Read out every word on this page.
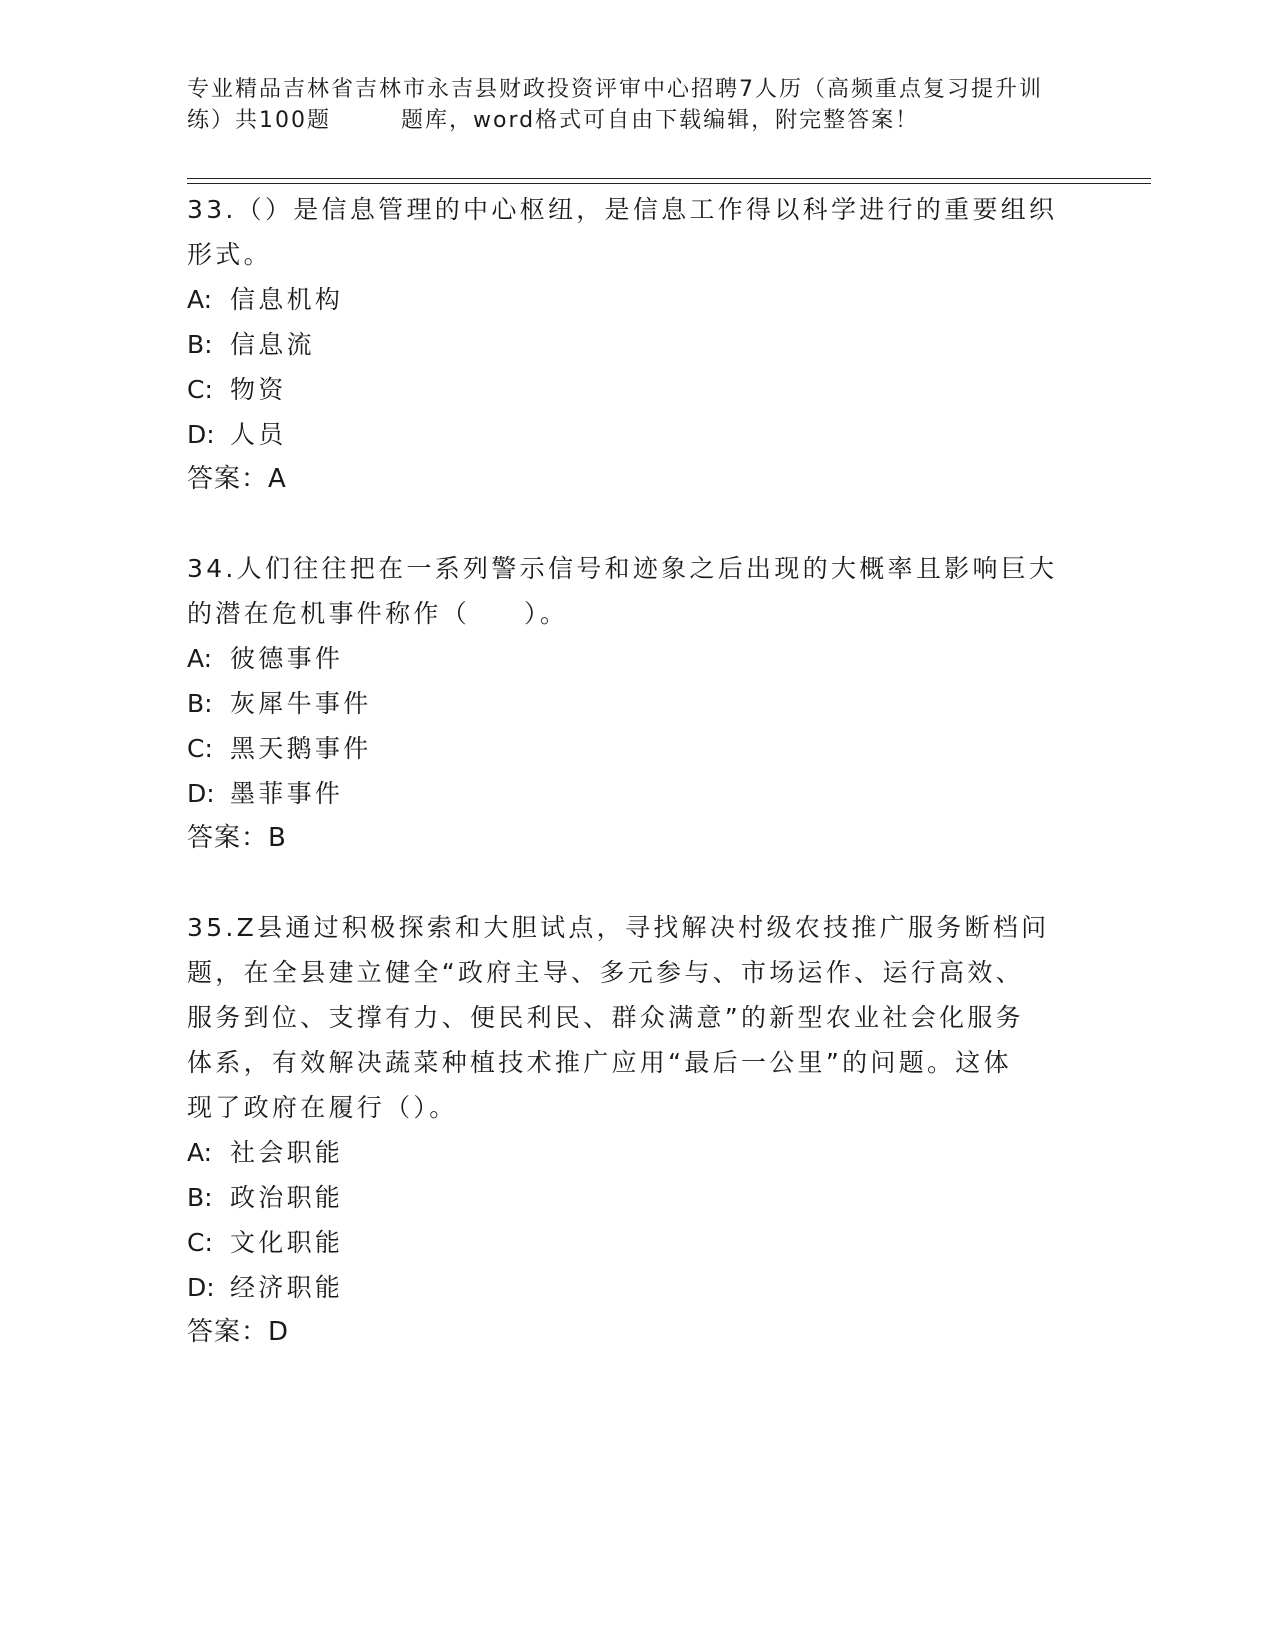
专业精品吉林省吉林市永吉县财政投资评审中心招聘7人历（高频重点复习提升训
练）共100题	题库，word格式可自由下载编辑，附完整答案！

33.（）是信息管理的中心枢纽，是信息工作得以科学进行的重要组织

形式。

A: 信息机构

B: 信息流

C: 物资

D: 人员

答案：A

34.人们往往把在一系列警示信号和迹象之后出现的大概率且影响巨大

的潜在危机事件称作（ ）。

A: 彼德事件

B: 灰犀牛事件

C: 黑天鹅事件

D: 墨菲事件

答案：B

35.Z县通过积极探索和大胆试点，寻找解决村级农技推广服务断档问

题，在全县建立健全“政府主导、多元参与、市场运作、运行高效、

服务到位、支撑有力、便民利民、群众满意”的新型农业社会化服务

体系，有效解决蔬菜种植技术推广应用“最后一公里”的问题。这体

现了政府在履行（）。

A: 社会职能

B: 政治职能

C: 文化职能

D: 经济职能

答案：D
